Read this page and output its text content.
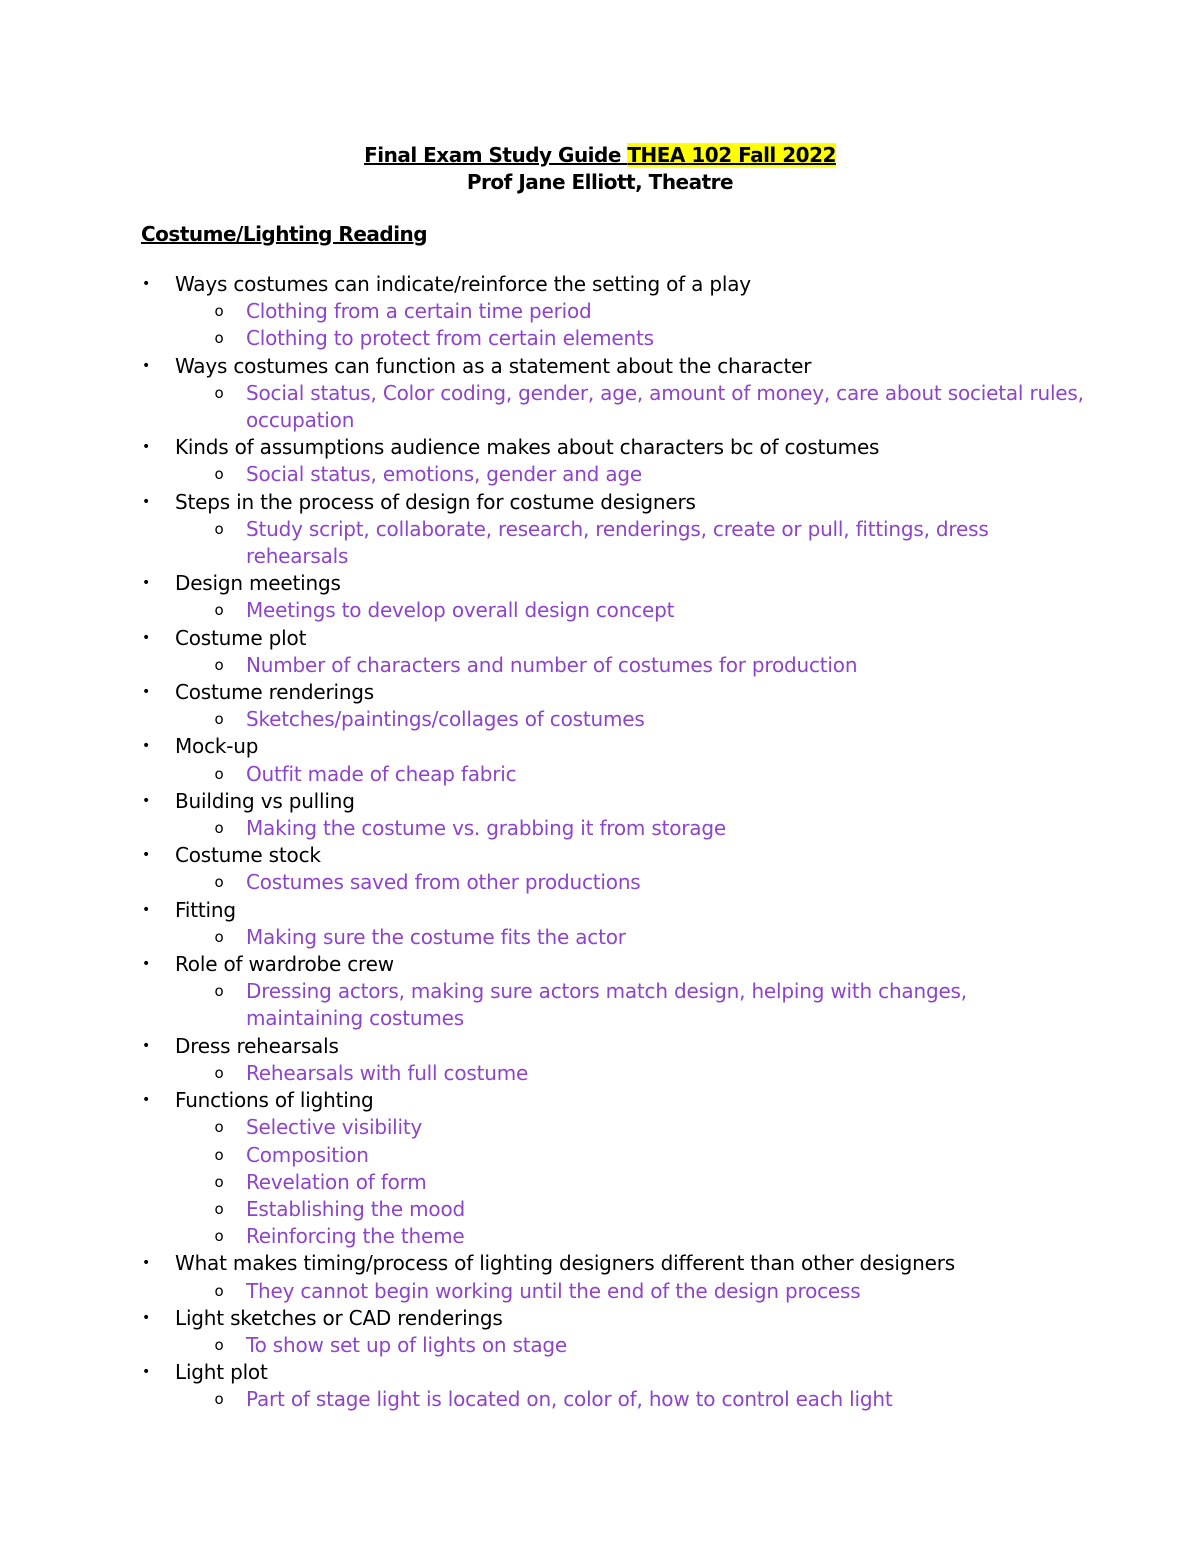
Final Exam Study Guide THEA 102 Fall 2022
Prof Jane Elliott, Theatre
Costume/Lighting Reading
• Ways costumes can indicate/reinforce the setting of a play
o Clothing from a certain time period
o Clothing to protect from certain elements
• Ways costumes can function as a statement about the character
o Social status, Color coding, gender, age, amount of money, care about societal rules, occupation
• Kinds of assumptions audience makes about characters bc of costumes
o Social status, emotions, gender and age
• Steps in the process of design for costume designers
o Study script, collaborate, research, renderings, create or pull, fittings, dress rehearsals
• Design meetings
o Meetings to develop overall design concept
• Costume plot
o Number of characters and number of costumes for production
• Costume renderings
o Sketches/paintings/collages of costumes
• Mock-up
o Outfit made of cheap fabric
• Building vs pulling
o Making the costume vs. grabbing it from storage
• Costume stock
o Costumes saved from other productions
• Fitting
o Making sure the costume fits the actor
• Role of wardrobe crew
o Dressing actors, making sure actors match design, helping with changes, maintaining costumes
• Dress rehearsals
o Rehearsals with full costume
• Functions of lighting
o Selective visibility
o Composition
o Revelation of form
o Establishing the mood
o Reinforcing the theme
• What makes timing/process of lighting designers different than other designers
o They cannot begin working until the end of the design process
• Light sketches or CAD renderings
o To show set up of lights on stage
• Light plot
o Part of stage light is located on, color of, how to control each light
